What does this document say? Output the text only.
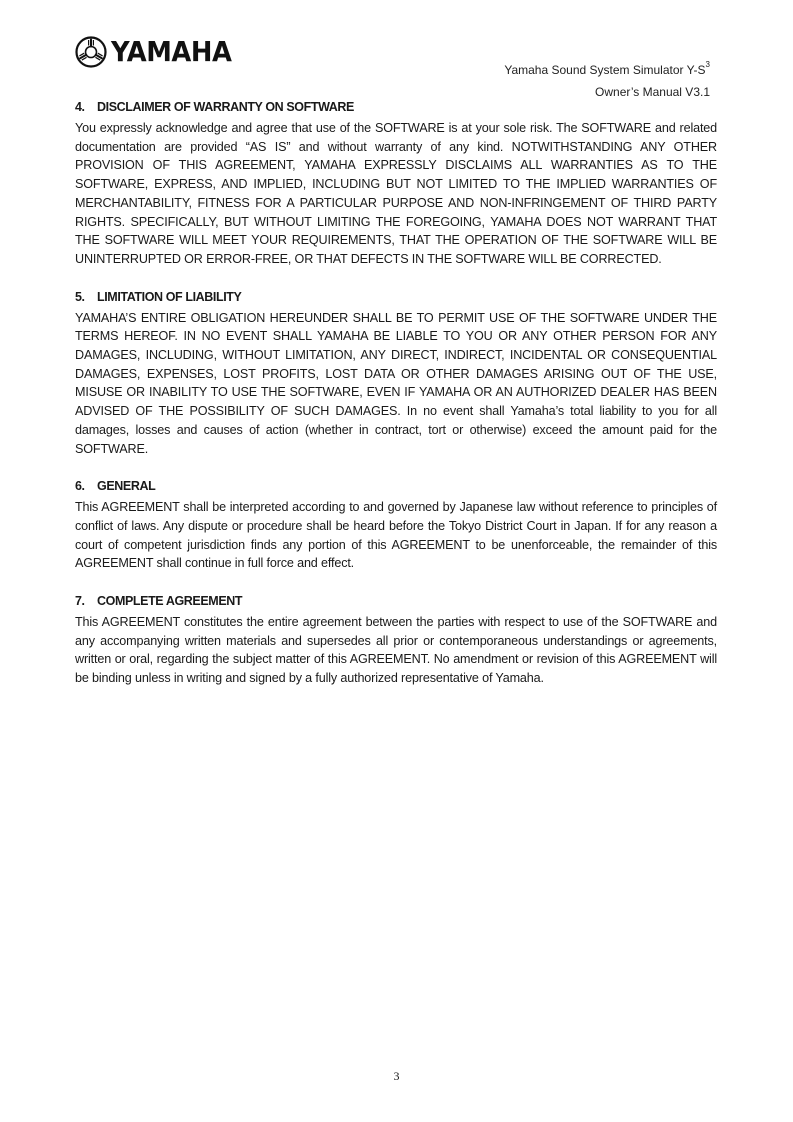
YAMAHA
Yamaha Sound System Simulator $Y-S^3$
Owner’s Manual V3.1

4. DISCLAIMER OF WARRANTY ON SOFTWARE

You expressly acknowledge and agree that use of the SOFTWARE is at your sole risk. The SOFTWARE and related documentation are provided “AS IS” and without warranty of any kind. NOTWITHSTANDING ANY OTHER PROVISION OF THIS AGREEMENT, YAMAHA EXPRESSLY DISCLAIMS ALL WARRANTIES AS TO THE SOFTWARE, EXPRESS, AND IMPLIED, INCLUDING BUT NOT LIMITED TO THE IMPLIED WARRANTIES OF MERCHANTABILITY, FITNESS FOR A PARTICULAR PURPOSE AND NON-INFRINGEMENT OF THIRD PARTY RIGHTS. SPECIFICALLY, BUT WITHOUT LIMITING THE FOREGOING, YAMAHA DOES NOT WARRANT THAT THE SOFTWARE WILL MEET YOUR REQUIREMENTS, THAT THE OPERATION OF THE SOFTWARE WILL BE UNINTERRUPTED OR ERROR-FREE, OR THAT DEFECTS IN THE SOFTWARE WILL BE CORRECTED.

5. LIMITATION OF LIABILITY

YAMAHA’S ENTIRE OBLIGATION HEREUNDER SHALL BE TO PERMIT USE OF THE SOFTWARE UNDER THE TERMS HEREOF. IN NO EVENT SHALL YAMAHA BE LIABLE TO YOU OR ANY OTHER PERSON FOR ANY DAMAGES, INCLUDING, WITHOUT LIMITATION, ANY DIRECT, INDIRECT, INCIDENTAL OR CONSEQUENTIAL DAMAGES, EXPENSES, LOST PROFITS, LOST DATA OR OTHER DAMAGES ARISING OUT OF THE USE, MISUSE OR INABILITY TO USE THE SOFTWARE, EVEN IF YAMAHA OR AN AUTHORIZED DEALER HAS BEEN ADVISED OF THE POSSIBILITY OF SUCH DAMAGES. In no event shall Yamaha’s total liability to you for all damages, losses and causes of action (whether in contract, tort or otherwise) exceed the amount paid for the SOFTWARE.

6. GENERAL

This AGREEMENT shall be interpreted according to and governed by Japanese law without reference to principles of conflict of laws. Any dispute or procedure shall be heard before the Tokyo District Court in Japan. If for any reason a court of competent jurisdiction finds any portion of this AGREEMENT to be unenforceable, the remainder of this AGREEMENT shall continue in full force and effect.

7. COMPLETE AGREEMENT

This AGREEMENT constitutes the entire agreement between the parties with respect to use of the SOFTWARE and any accompanying written materials and supersedes all prior or contemporaneous understandings or agreements, written or oral, regarding the subject matter of this AGREEMENT. No amendment or revision of this AGREEMENT will be binding unless in writing and signed by a fully authorized representative of Yamaha.

3
